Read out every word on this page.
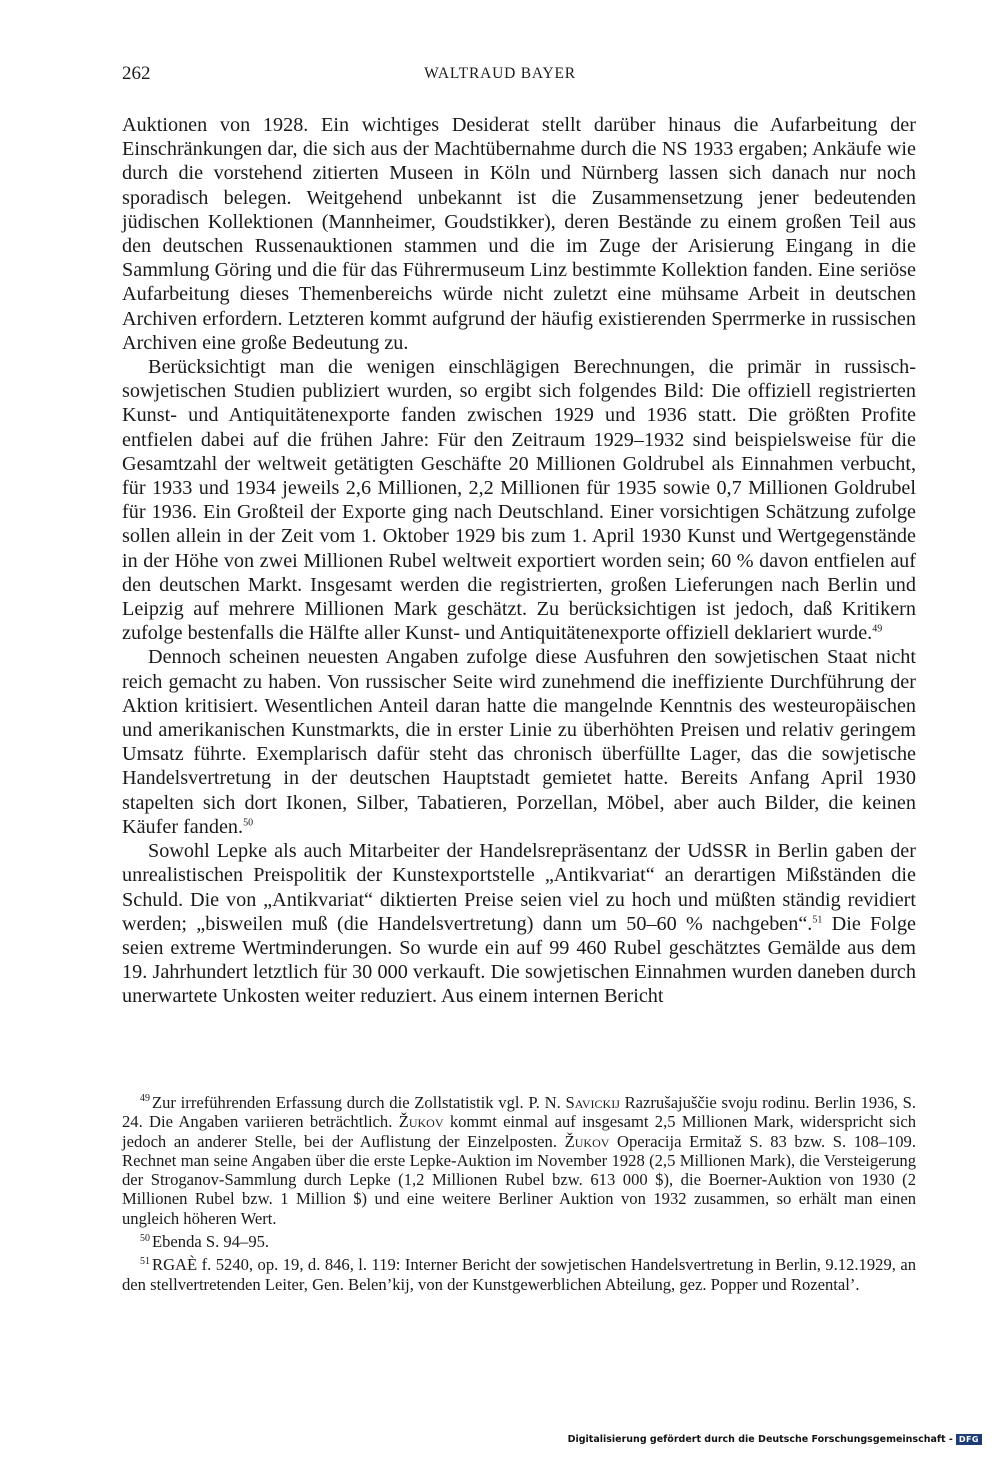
262	WALTRAUD BAYER

Auktionen von 1928. Ein wichtiges Desiderat stellt darüber hinaus die Aufarbeitung der Einschränkungen dar, die sich aus der Machtübernahme durch die NS 1933 ergaben; Ankäufe wie durch die vorstehend zitierten Museen in Köln und Nürnberg lassen sich danach nur noch sporadisch belegen. Weitgehend unbekannt ist die Zusammensetzung jener bedeutenden jüdischen Kollektionen (Mannheimer, Goudstikker), deren Bestände zu einem großen Teil aus den deutschen Russenauktionen stammen und die im Zuge der Arisierung Eingang in die Sammlung Göring und die für das Führermuseum Linz bestimmte Kollektion fanden. Eine seriöse Aufarbeitung dieses Themenbereichs würde nicht zuletzt eine mühsame Arbeit in deutschen Archiven erfordern. Letzteren kommt aufgrund der häufig existierenden Sperrmerke in russischen Archiven eine große Bedeutung zu.

Berücksichtigt man die wenigen einschlägigen Berechnungen, die primär in russisch-sowjetischen Studien publiziert wurden, so ergibt sich folgendes Bild: Die offiziell registrierten Kunst- und Antiquitätenexporte fanden zwischen 1929 und 1936 statt. Die größten Profite entfielen dabei auf die frühen Jahre: Für den Zeitraum 1929–1932 sind beispielsweise für die Gesamtzahl der weltweit getätigten Geschäfte 20 Millionen Goldrubel als Einnahmen verbucht, für 1933 und 1934 jeweils 2,6 Millionen, 2,2 Millionen für 1935 sowie 0,7 Millionen Goldrubel für 1936. Ein Großteil der Exporte ging nach Deutschland. Einer vorsichtigen Schätzung zufolge sollen allein in der Zeit vom 1. Oktober 1929 bis zum 1. April 1930 Kunst und Wertgegenstände in der Höhe von zwei Millionen Rubel weltweit exportiert worden sein; 60 % davon entfielen auf den deutschen Markt. Insgesamt werden die registrierten, großen Lieferungen nach Berlin und Leipzig auf mehrere Millionen Mark geschätzt. Zu berücksichtigen ist jedoch, daß Kritikern zufolge bestenfalls die Hälfte aller Kunst- und Antiquitätenexporte offiziell deklariert wurde.$^{49}$

Dennoch scheinen neuesten Angaben zufolge diese Ausfuhren den sowjetischen Staat nicht reich gemacht zu haben. Von russischer Seite wird zunehmend die ineffiziente Durchführung der Aktion kritisiert. Wesentlichen Anteil daran hatte die mangelnde Kenntnis des westeuropäischen und amerikanischen Kunstmarkts, die in erster Linie zu überhöhten Preisen und relativ geringem Umsatz führte. Exemplarisch dafür steht das chronisch überfüllte Lager, das die sowjetische Handelsvertretung in der deutschen Hauptstadt gemietet hatte. Bereits Anfang April 1930 stapelten sich dort Ikonen, Silber, Tabatieren, Porzellan, Möbel, aber auch Bilder, die keinen Käufer fanden.$^{50}$

Sowohl Lepke als auch Mitarbeiter der Handelsrepräsentanz der UdSSR in Berlin gaben der unrealistischen Preispolitik der Kunstexportstelle „Antikvariat“ an derartigen Mißständen die Schuld. Die von „Antikvariat“ diktierten Preise seien viel zu hoch und müßten ständig revidiert werden; „bisweilen muß (die Handelsvertretung) dann um 50–60 % nachgeben“.$^{51}$ Die Folge seien extreme Wertminderungen. So wurde ein auf 99 460 Rubel geschätztes Gemälde aus dem 19. Jahrhundert letztlich für 30 000 verkauft. Die sowjetischen Einnahmen wurden daneben durch unerwartete Unkosten weiter reduziert. Aus einem internen Bericht

$^{49}$ Zur irreführenden Erfassung durch die Zollstatistik vgl. P. N. Savickij Razrušajuščie svoju rodinu. Berlin 1936, S. 24. Die Angaben variieren beträchtlich. Žukov kommt einmal auf insgesamt 2,5 Millionen Mark, widerspricht sich jedoch an anderer Stelle, bei der Auflistung der Einzelposten. Žukov Operacija Ermitaž S. 83 bzw. S. 108–109. Rechnet man seine Angaben über die erste Lepke-Auktion im November 1928 (2,5 Millionen Mark), die Versteigerung der Stroganov-Sammlung durch Lepke (1,2 Millionen Rubel bzw. 613 000 $), die Boerner-Auktion von 1930 (2 Millionen Rubel bzw. 1 Million $) und eine weitere Berliner Auktion von 1932 zusammen, so erhält man einen ungleich höheren Wert.

$^{50}$ Ebenda S. 94–95.

$^{51}$ RGAÈ f. 5240, op. 19, d. 846, l. 119: Interner Bericht der sowjetischen Handelsvertretung in Berlin, 9.12.1929, an den stellvertretenden Leiter, Gen. Belen’kij, von der Kunstgewerblichen Abteilung, gez. Popper und Rozental’.

Digitalisierung gefördert durch die Deutsche Forschungsgemeinschaft - DFG
